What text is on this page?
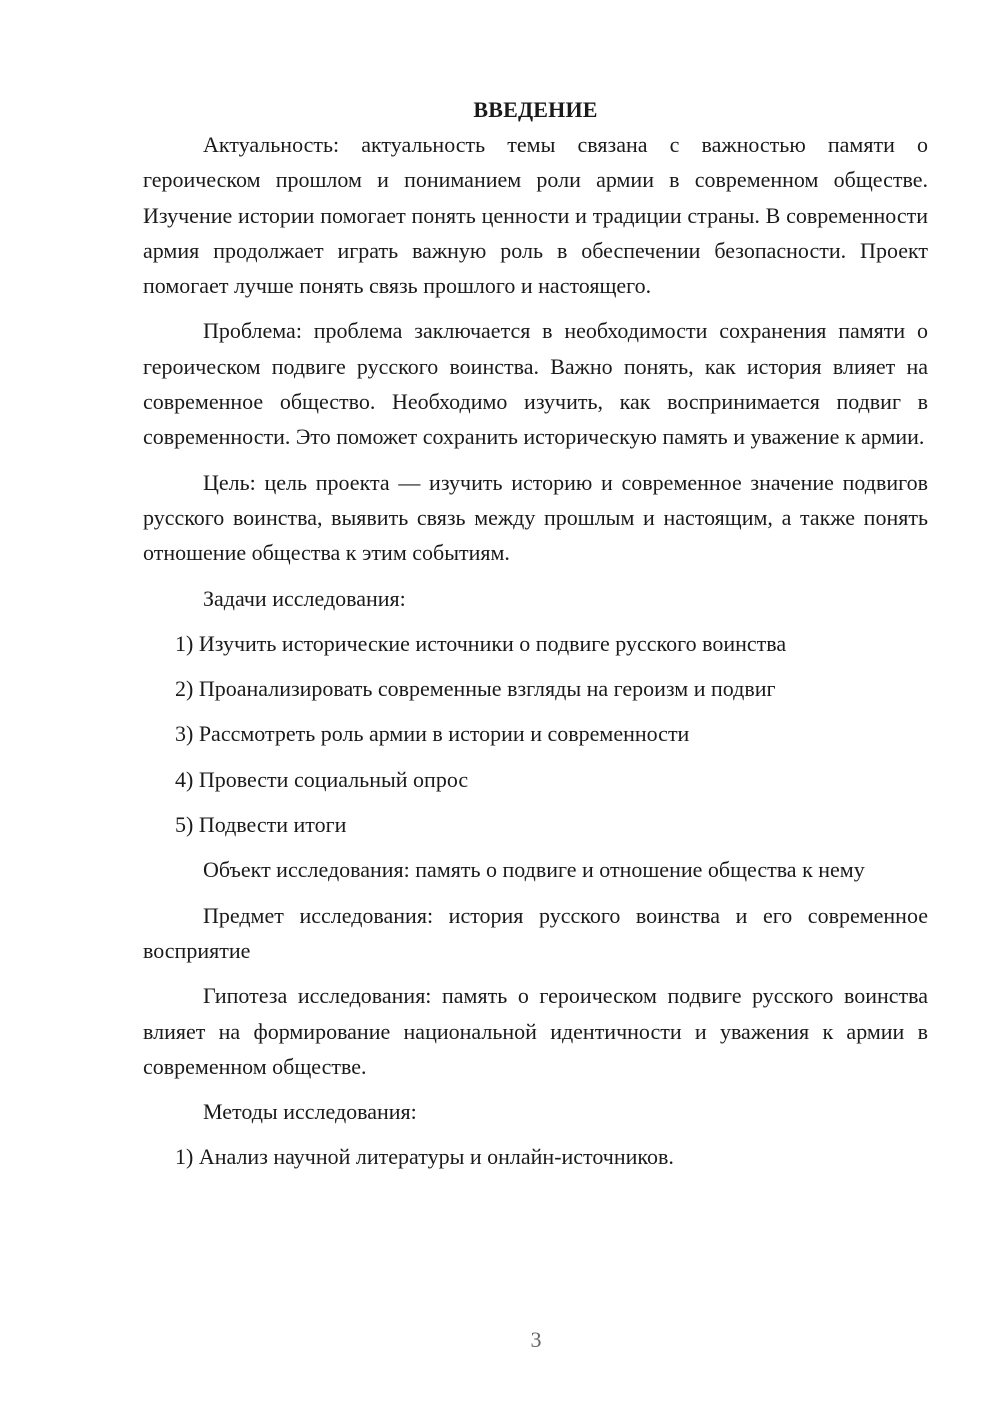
ВВЕДЕНИЕ

Актуальность: актуальность темы связана с важностью памяти о героическом прошлом и пониманием роли армии в современном обществе. Изучение истории помогает понять ценности и традиции страны. В современности армия продолжает играть важную роль в обеспечении безопасности. Проект помогает лучше понять связь прошлого и настоящего.

Проблема: проблема заключается в необходимости сохранения памяти о героическом подвиге русского воинства. Важно понять, как история влияет на современное общество. Необходимо изучить, как воспринимается подвиг в современности. Это поможет сохранить историческую память и уважение к армии.

Цель: цель проекта — изучить историю и современное значение подвигов русского воинства, выявить связь между прошлым и настоящим, а также понять отношение общества к этим событиям.

Задачи исследования:

1) Изучить исторические источники о подвиге русского воинства

2) Проанализировать современные взгляды на героизм и подвиг

3) Рассмотреть роль армии в истории и современности

4) Провести социальный опрос

5) Подвести итоги

Объект исследования: память о подвиге и отношение общества к нему

Предмет исследования: история русского воинства и его современное восприятие

Гипотеза исследования: память о героическом подвиге русского воинства влияет на формирование национальной идентичности и уважения к армии в современном обществе.

Методы исследования:

1) Анализ научной литературы и онлайн-источников.

3
